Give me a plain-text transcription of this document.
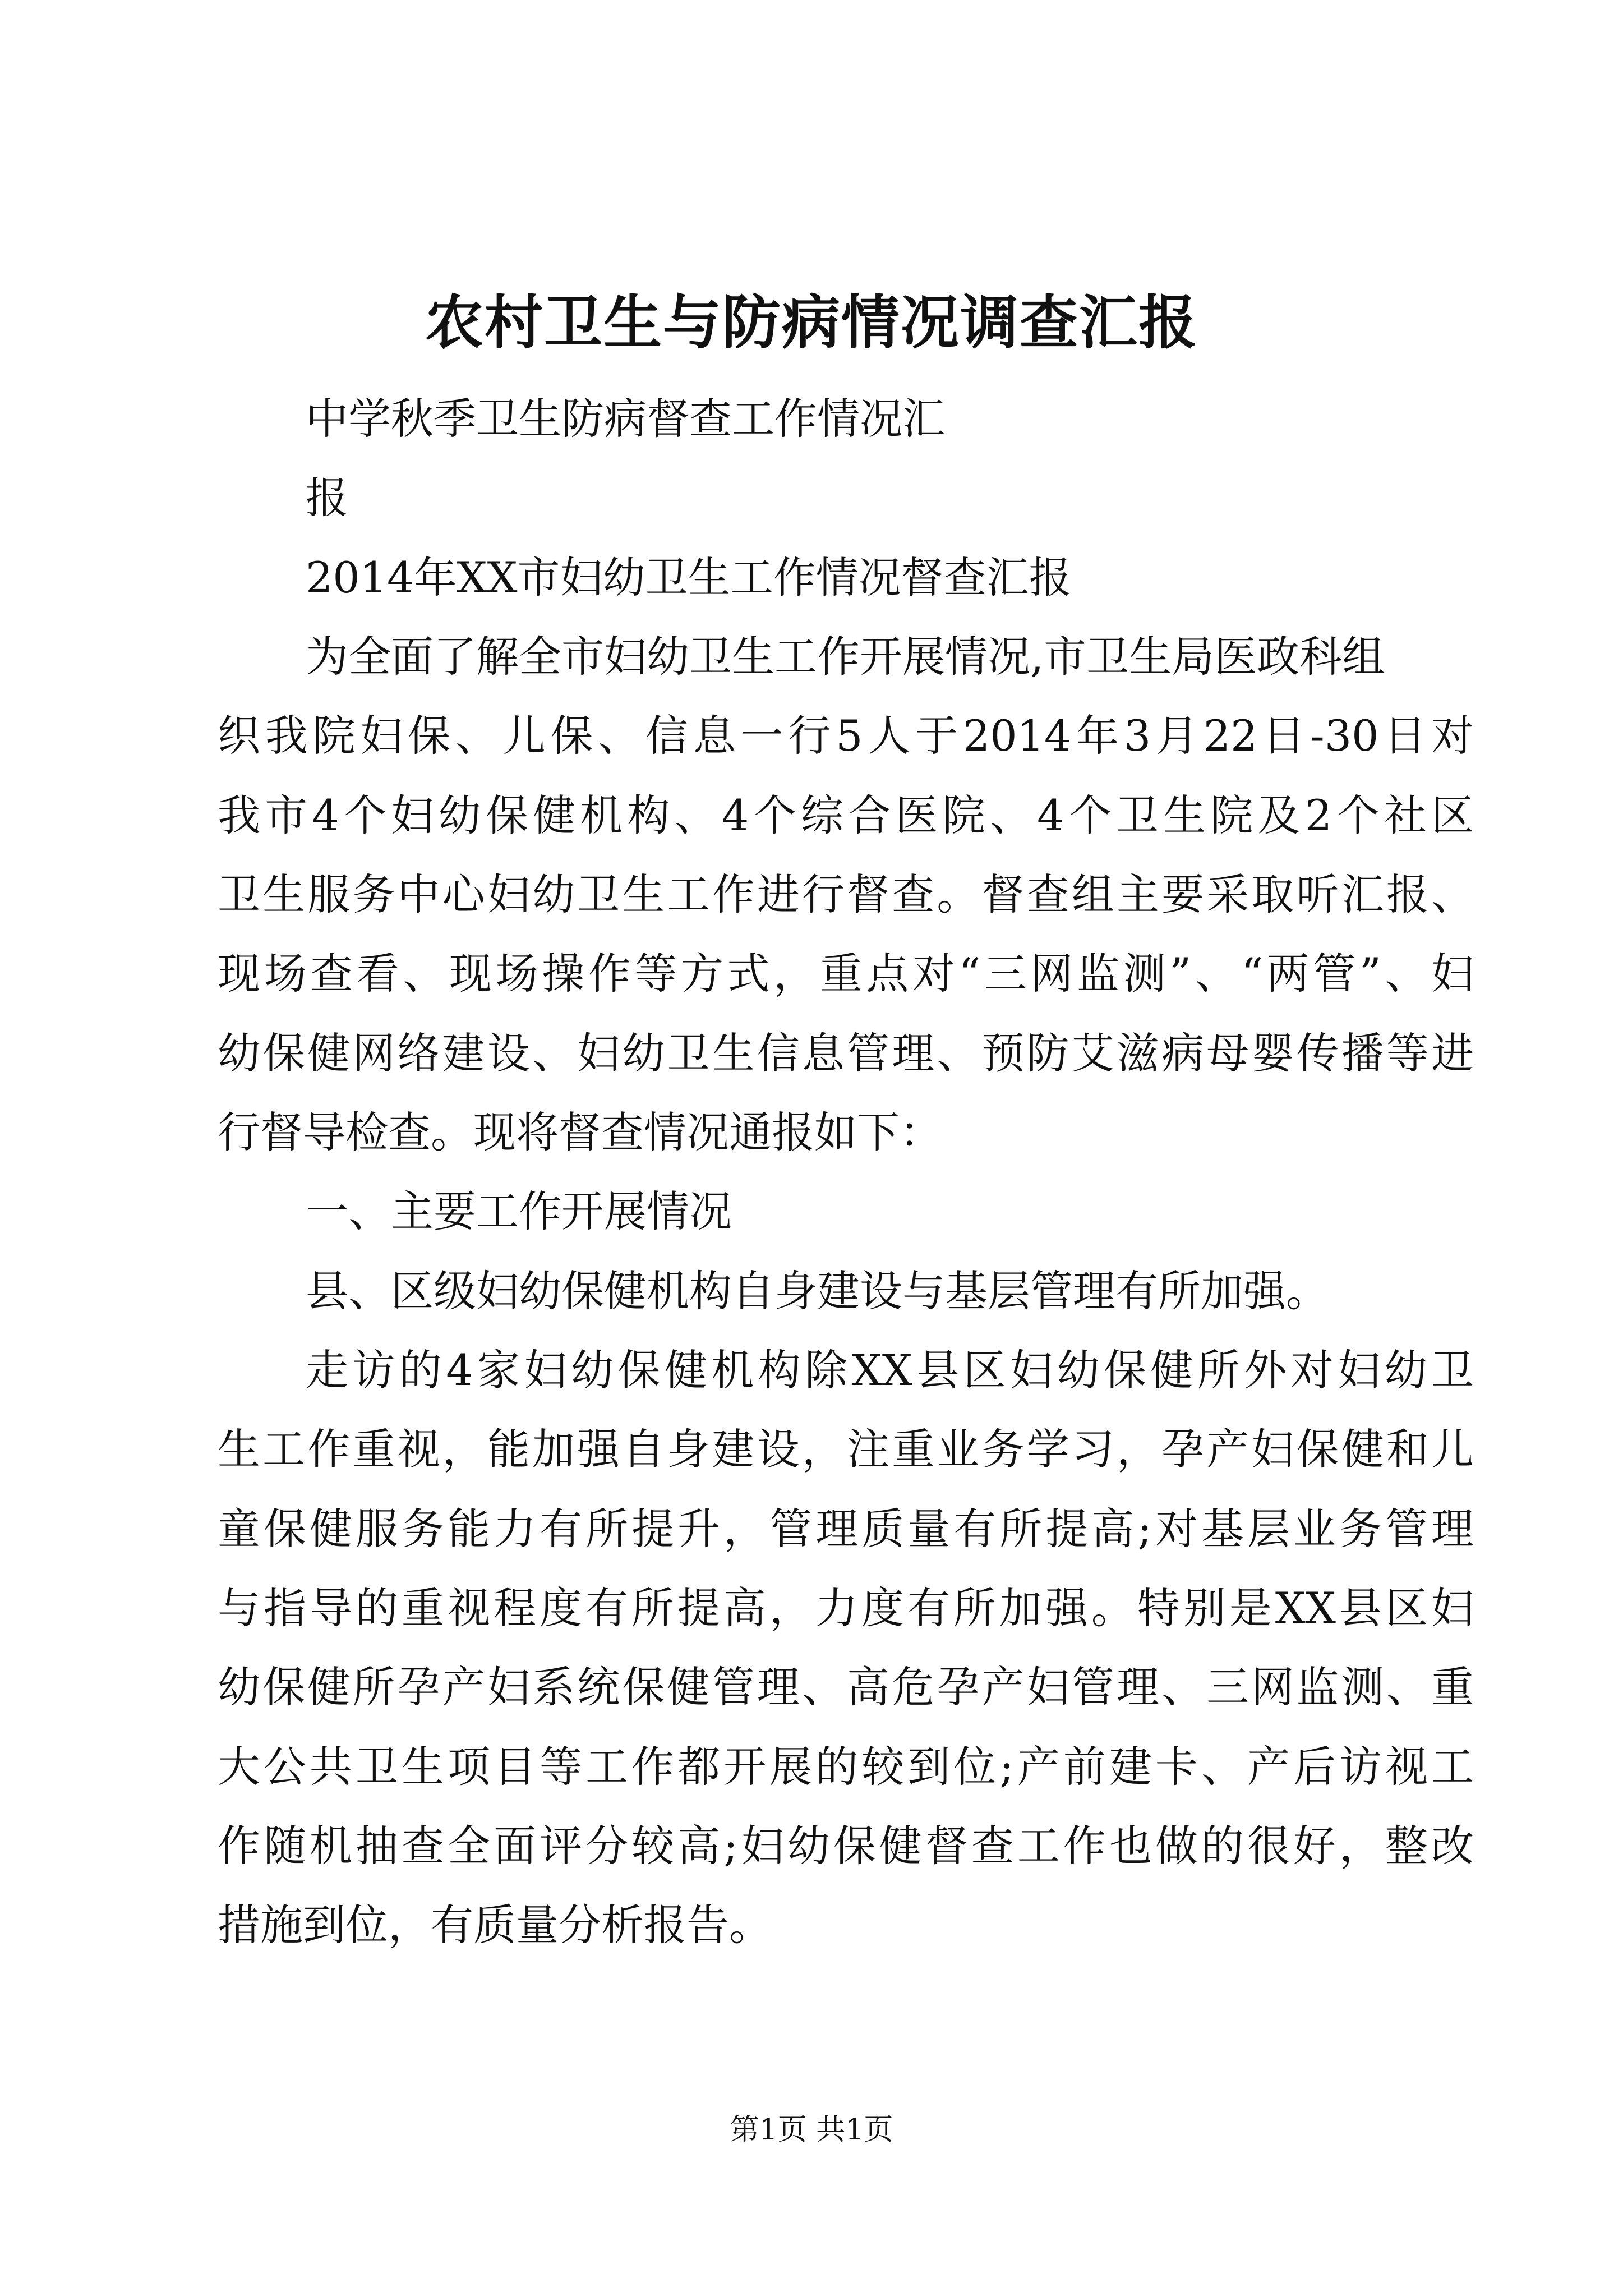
农村卫生与防病情况调查汇报

中学秋季卫生防病督查工作情况汇

报

2014年XX市妇幼卫生工作情况督查汇报

为全面了解全市妇幼卫生工作开展情况,市卫生局医政科组

织我院妇保、儿保、信息一行5人于2014年3月22日-30日对

我市4个妇幼保健机构、4个综合医院、4个卫生院及2个社区

卫生服务中心妇幼卫生工作进行督查。督查组主要采取听汇报、

现场查看、现场操作等方式，重点对“三网监测”、“两管”、妇

幼保健网络建设、妇幼卫生信息管理、预防艾滋病母婴传播等进

行督导检查。现将督查情况通报如下：

一、主要工作开展情况

县、区级妇幼保健机构自身建设与基层管理有所加强。

走访的4家妇幼保健机构除XX县区妇幼保健所外对妇幼卫

生工作重视，能加强自身建设，注重业务学习，孕产妇保健和儿

童保健服务能力有所提升，管理质量有所提高;对基层业务管理

与指导的重视程度有所提高，力度有所加强。特别是XX县区妇

幼保健所孕产妇系统保健管理、高危孕产妇管理、三网监测、重

大公共卫生项目等工作都开展的较到位;产前建卡、产后访视工

作随机抽查全面评分较高;妇幼保健督查工作也做的很好，整改

措施到位，有质量分析报告。

第1页 共1页
